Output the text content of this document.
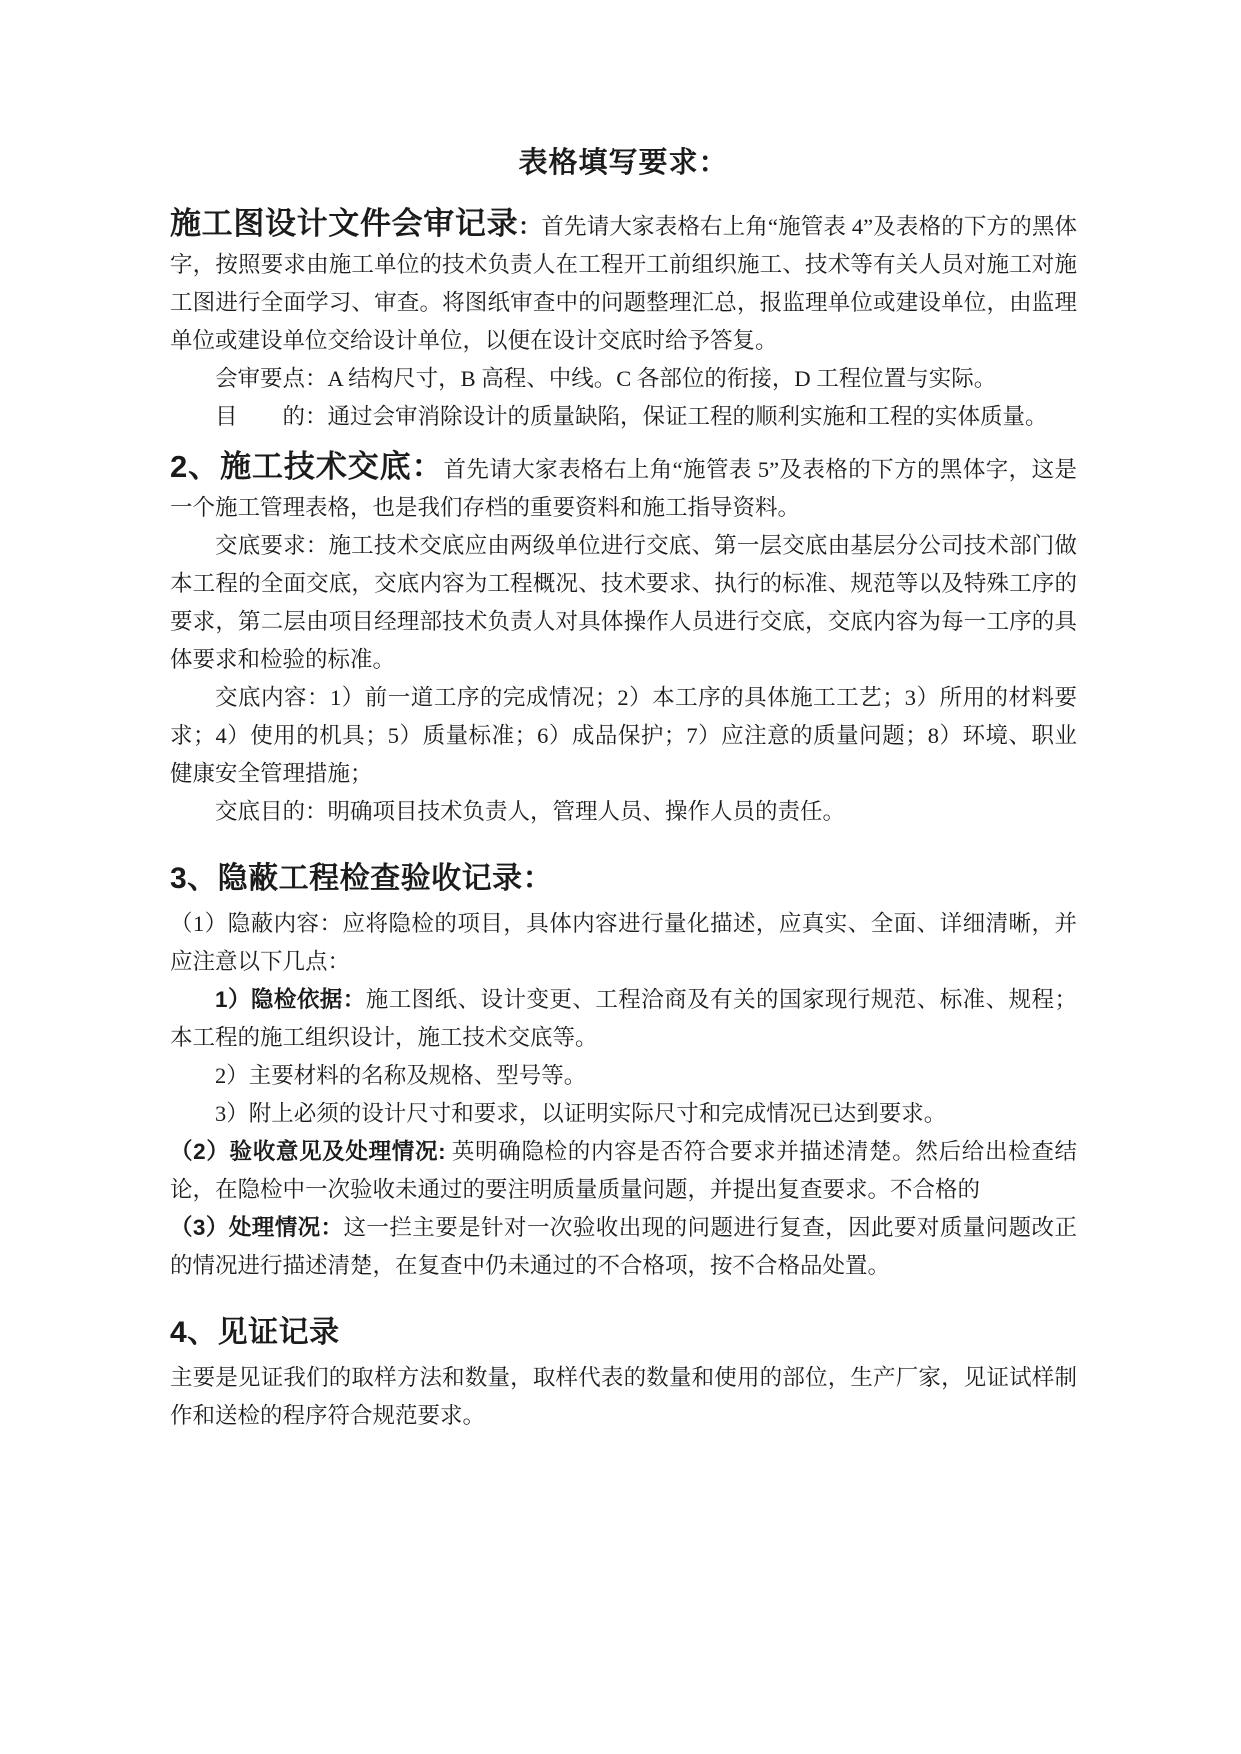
表格填写要求：

施工图设计文件会审记录：首先请大家表格右上角“施管表 4”及表格的下方的黑体字，按照要求由施工单位的技术负责人在工程开工前组织施工、技术等有关人员对施工对施工图进行全面学习、审查。将图纸审查中的问题整理汇总，报监理单位或建设单位，由监理单位或建设单位交给设计单位，以便在设计交底时给予答复。

会审要点：A 结构尺寸，B 高程、中线。C 各部位的衔接，D 工程位置与实际。

目　　的：通过会审消除设计的质量缺陷，保证工程的顺利实施和工程的实体质量。

2、施工技术交底：首先请大家表格右上角“施管表 5”及表格的下方的黑体字，这是一个施工管理表格，也是我们存档的重要资料和施工指导资料。

交底要求：施工技术交底应由两级单位进行交底、第一层交底由基层分公司技术部门做本工程的全面交底，交底内容为工程概况、技术要求、执行的标准、规范等以及特殊工序的要求，第二层由项目经理部技术负责人对具体操作人员进行交底，交底内容为每一工序的具体要求和检验的标准。

交底内容：1）前一道工序的完成情况；2）本工序的具体施工工艺；3）所用的材料要求；4）使用的机具；5）质量标准；6）成品保护；7）应注意的质量问题；8）环境、职业健康安全管理措施；

交底目的：明确项目技术负责人，管理人员、操作人员的责任。

3、隐蔽工程检查验收记录：

（1）隐蔽内容：应将隐检的项目，具体内容进行量化描述，应真实、全面、详细清晰，并应注意以下几点：

1）隐检依据：施工图纸、设计变更、工程洽商及有关的国家现行规范、标准、规程；本工程的施工组织设计，施工技术交底等。

2）主要材料的名称及规格、型号等。

3）附上必须的设计尺寸和要求，以证明实际尺寸和完成情况已达到要求。

（2）验收意见及处理情况: 英明确隐检的内容是否符合要求并描述清楚。然后给出检查结论，在隐检中一次验收未通过的要注明质量质量问题，并提出复查要求。不合格的

（3）处理情况：这一拦主要是针对一次验收出现的问题进行复查，因此要对质量问题改正的情况进行描述清楚，在复查中仍未通过的不合格项，按不合格品处置。

4、见证记录

主要是见证我们的取样方法和数量，取样代表的数量和使用的部位，生产厂家，见证试样制作和送检的程序符合规范要求。
